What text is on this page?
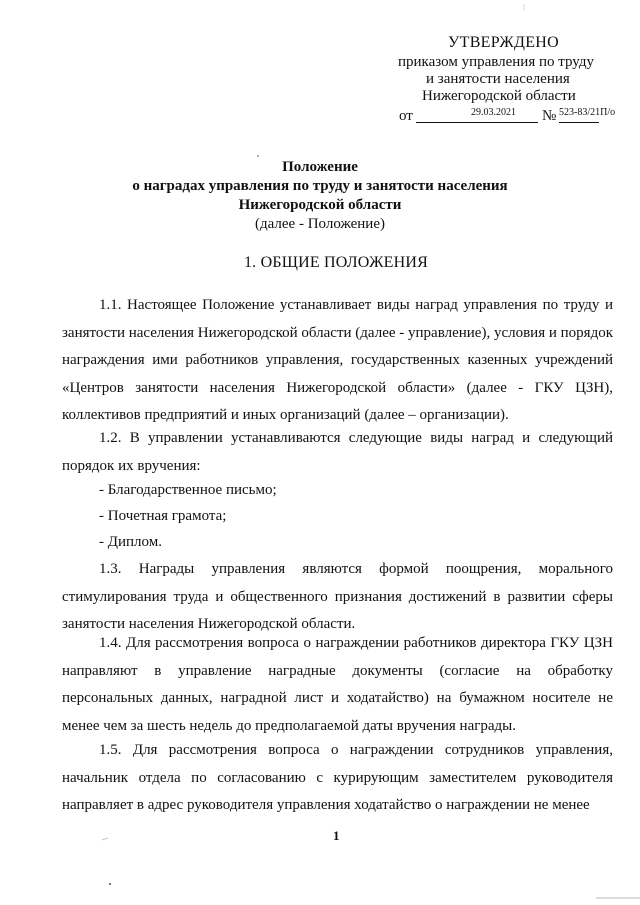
УТВЕРЖДЕНО
приказом управления по труду
и занятости населения
Нижегородской области
от	29.03.2021 № 523-83/21П/о
Положение
о наградах управления по труду и занятости населения
Нижегородской области
(далее - Положение)
1. ОБЩИЕ ПОЛОЖЕНИЯ
1.1. Настоящее Положение устанавливает виды наград управления по труду и занятости населения Нижегородской области (далее - управление), условия и порядок награждения ими работников управления, государственных казенных учреждений «Центров занятости населения Нижегородской области» (далее - ГКУ ЦЗН), коллективов предприятий и иных организаций (далее – организации).
1.2. В управлении устанавливаются следующие виды наград и следующий порядок их вручения:
- Благодарственное письмо;
- Почетная грамота;
- Диплом.
1.3. Награды управления являются формой поощрения, морального стимулирования труда и общественного признания достижений в развитии сферы занятости населения Нижегородской области.
1.4. Для рассмотрения вопроса о награждении работников директора ГКУ ЦЗН направляют в управление наградные документы (согласие на обработку персональных данных, наградной лист и ходатайство) на бумажном носителе не менее чем за шесть недель до предполагаемой даты вручения награды.
1.5. Для рассмотрения вопроса о награждении сотрудников управления, начальник отдела по согласованию с курирующим заместителем руководителя направляет в адрес руководителя управления ходатайство о награждении не менее
1
